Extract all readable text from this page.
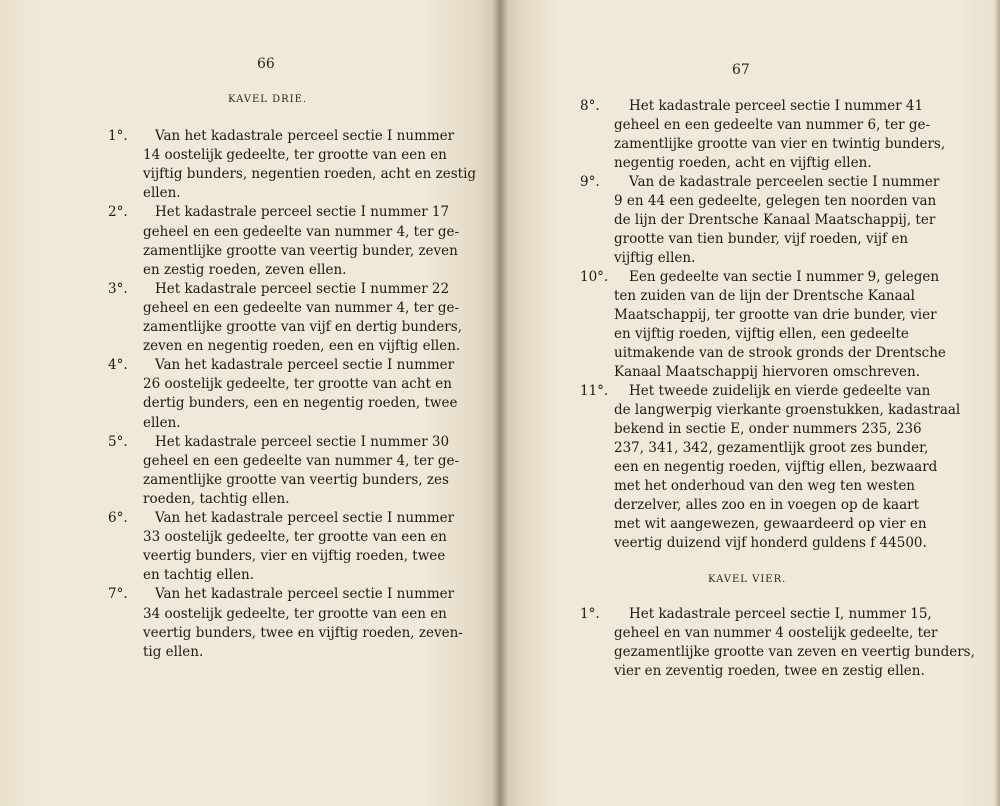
66
KAVEL DRIE.
1°. Van het kadastrale perceel sectie I nummer
14 oostelijk gedeelte, ter grootte van een en
vijftig bunders, negentien roeden, acht en zestig
ellen.
2°. Het kadastrale perceel sectie I nummer 17
geheel en een gedeelte van nummer 4, ter ge-
zamentlijke grootte van veertig bunder, zeven
en zestig roeden, zeven ellen.
3°. Het kadastrale perceel sectie I nummer 22
geheel en een gedeelte van nummer 4, ter ge-
zamentlijke grootte van vijf en dertig bunders,
zeven en negentig roeden, een en vijftig ellen.
4°. Van het kadastrale perceel sectie I nummer
26 oostelijk gedeelte, ter grootte van acht en
dertig bunders, een en negentig roeden, twee
ellen.
5°. Het kadastrale perceel sectie I nummer 30
geheel en een gedeelte van nummer 4, ter ge-
zamentlijke grootte van veertig bunders, zes
roeden, tachtig ellen.
6°. Van het kadastrale perceel sectie I nummer
33 oostelijk gedeelte, ter grootte van een en
veertig bunders, vier en vijftig roeden, twee
en tachtig ellen.
7°. Van het kadastrale perceel sectie I nummer
34 oostelijk gedeelte, ter grootte van een en
veertig bunders, twee en vijftig roeden, zeven-
tig ellen.
67
8°. Het kadastrale perceel sectie I nummer 41
geheel en een gedeelte van nummer 6, ter ge-
zamentlijke grootte van vier en twintig bunders,
negentig roeden, acht en vijftig ellen.
9°. Van de kadastrale perceelen sectie I nummer
9 en 44 een gedeelte, gelegen ten noorden van
de lijn der Drentsche Kanaal Maatschappij, ter
grootte van tien bunder, vijf roeden, vijf en
vijftig ellen.
10°. Een gedeelte van sectie I nummer 9, gelegen
ten zuiden van de lijn der Drentsche Kanaal
Maatschappij, ter grootte van drie bunder, vier
en vijftig roeden, vijftig ellen, een gedeelte
uitmakende van de strook gronds der Drentsche
Kanaal Maatschappij hiervoren omschreven.
11°. Het tweede zuidelijk en vierde gedeelte van
de langwerpig vierkante groenstukken, kadastraal
bekend in sectie E, onder nummers 235, 236
237, 341, 342, gezamentlijk groot zes bunder,
een en negentig roeden, vijftig ellen, bezwaard
met het onderhoud van den weg ten westen
derzelver, alles zoo en in voegen op de kaart
met wit aangewezen, gewaardeerd op vier en
veertig duizend vijf honderd guldens f 44500.
KAVEL VIER.
1°. Het kadastrale perceel sectie I, nummer 15,
geheel en van nummer 4 oostelijk gedeelte, ter
gezamentlijke grootte van zeven en veertig bunders,
vier en zeventig roeden, twee en zestig ellen.
